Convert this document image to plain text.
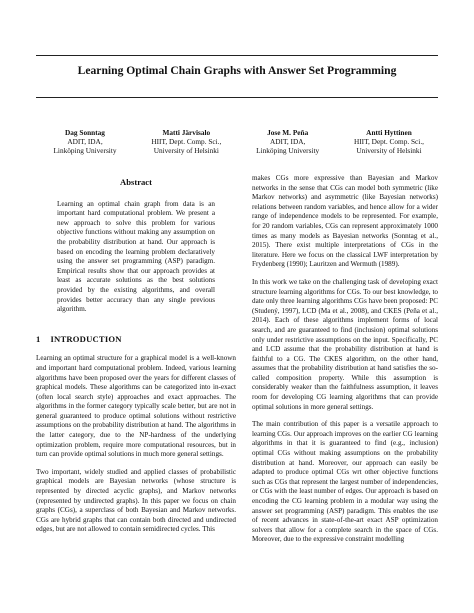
Learning Optimal Chain Graphs with Answer Set Programming
Dag Sonntag
ADIT, IDA,
Linköping University
Matti Järvisalo
HIIT, Dept. Comp. Sci.,
University of Helsinki
Jose M. Peña
ADIT, IDA,
Linköping University
Antti Hyttinen
HIIT, Dept. Comp. Sci.,
University of Helsinki
Abstract
Learning an optimal chain graph from data is an important hard computational problem. We present a new approach to solve this problem for various objective functions without making any assumption on the probability distribution at hand. Our approach is based on encoding the learning problem declaratively using the answer set programming (ASP) paradigm. Empirical results show that our approach provides at least as accurate solutions as the best solutions provided by the existing algorithms, and overall provides better accuracy than any single previous algorithm.
1 INTRODUCTION

Learning an optimal structure for a graphical model is a well-known and important hard computational problem. Indeed, various learning algorithms have been proposed over the years for different classes of graphical models. These algorithms can be categorized into in-exact (often local search style) approaches and exact approaches. The algorithms in the former category typically scale better, but are not in general guaranteed to produce optimal solutions without restrictive assumptions on the probability distribution at hand. The algorithms in the latter category, due to the NP-hardness of the underlying optimization problem, require more computational resources, but in turn can provide optimal solutions in much more general settings.

Two important, widely studied and applied classes of probabilistic graphical models are Bayesian networks (whose structure is represented by directed acyclic graphs), and Markov networks (represented by undirected graphs). In this paper we focus on chain graphs (CGs), a superclass of both Bayesian and Markov networks. CGs are hybrid graphs that can contain both directed and undirected edges, but are not allowed to contain semidirected cycles. This

makes CGs more expressive than Bayesian and Markov networks in the sense that CGs can model both symmetric (like Markov networks) and asymmetric (like Bayesian networks) relations between random variables, and hence allow for a wider range of independence models to be represented. For example, for 20 random variables, CGs can represent approximately 1000 times as many models as Bayesian networks (Sonntag et al., 2015). There exist multiple interpretations of CGs in the literature. Here we focus on the classical LWF interpretation by Frydenberg (1990); Lauritzen and Wermuth (1989).

In this work we take on the challenging task of developing exact structure learning algorithms for CGs. To our best knowledge, to date only three learning algorithms CGs have been proposed: PC (Studený, 1997), LCD (Ma et al., 2008), and CKES (Peña et al., 2014). Each of these algorithms implement forms of local search, and are guaranteed to find (inclusion) optimal solutions only under restrictive assumptions on the input. Specifically, PC and LCD assume that the probability distribution at hand is faithful to a CG. The CKES algorithm, on the other hand, assumes that the probability distribution at hand satisfies the so-called composition property. While this assumption is considerably weaker than the faithfulness assumption, it leaves room for developing CG learning algorithms that can provide optimal solutions in more general settings.

The main contribution of this paper is a versatile approach to learning CGs. Our approach improves on the earlier CG learning algorithms in that it is guaranteed to find (e.g., inclusion) optimal CGs without making assumptions on the probability distribution at hand. Moreover, our approach can easily be adapted to produce optimal CGs wrt other objective functions such as CGs that represent the largest number of independencies, or CGs with the least number of edges. Our approach is based on encoding the CG learning problem in a modular way using the answer set programming (ASP) paradigm. This enables the use of recent advances in state-of-the-art exact ASP optimization solvers that allow for a complete search in the space of CGs. Moreover, due to the expressive constraint modelling
